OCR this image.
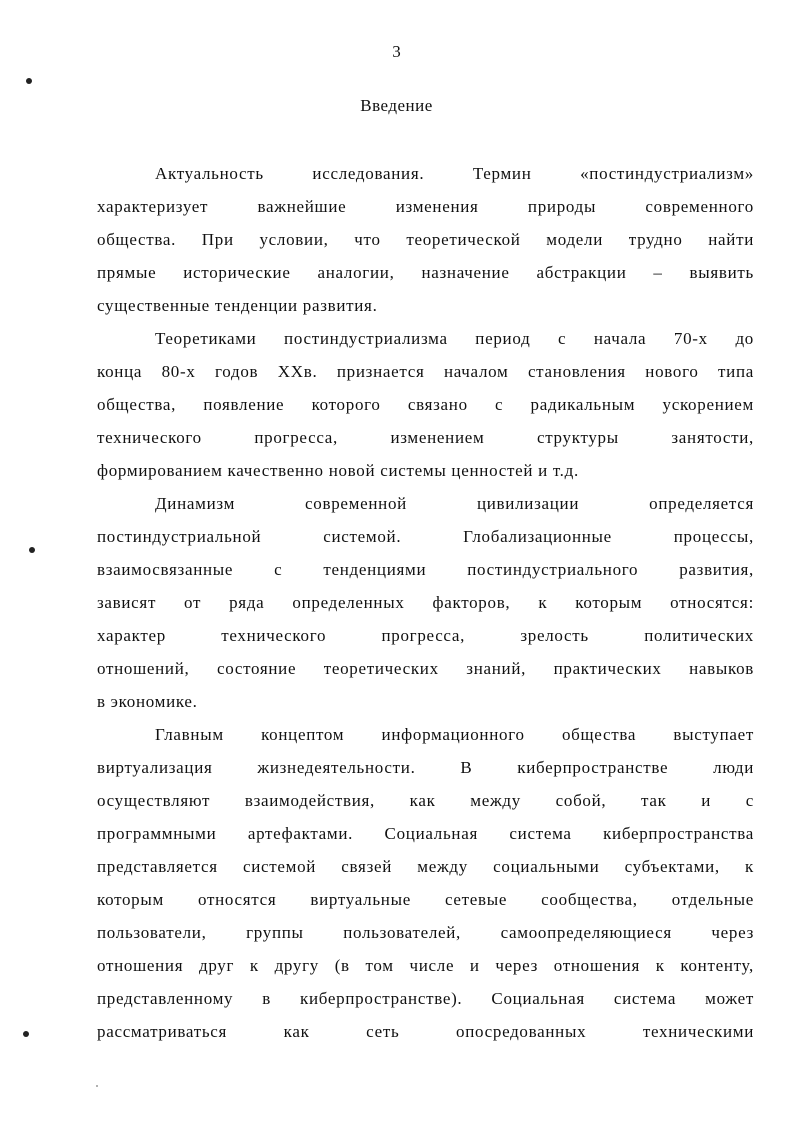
3
Введение

Актуальность исследования. Термин «постиндустриализм»
характеризует важнейшие изменения природы современного
общества. При условии, что теоретической модели трудно найти
прямые исторические аналогии, назначение абстракции – выявить
существенные тенденции развития.

Теоретиками постиндустриализма период с начала 70-х до
конца 80-х годов XXв. признается началом становления нового типа
общества, появление которого связано с радикальным ускорением
технического прогресса, изменением структуры занятости,
формированием качественно новой системы ценностей и т.д.

Динамизм современной цивилизации определяется
постиндустриальной системой. Глобализационные процессы,
взаимосвязанные с тенденциями постиндустриального развития,
зависят от ряда определенных факторов, к которым относятся:
характер технического прогресса, зрелость политических
отношений, состояние теоретических знаний, практических навыков
в экономике.

Главным концептом информационного общества выступает
виртуализация жизнедеятельности. В киберпространстве люди
осуществляют взаимодействия, как между собой, так и с
программными артефактами. Социальная система киберпространства
представляется системой связей между социальными субъектами, к
которым относятся виртуальные сетевые сообщества, отдельные
пользователи, группы пользователей, самоопределяющиеся через
отношения друг к другу (в том числе и через отношения к контенту,
представленному в киберпространстве). Социальная система может
рассматриваться как сеть опосредованных техническими
